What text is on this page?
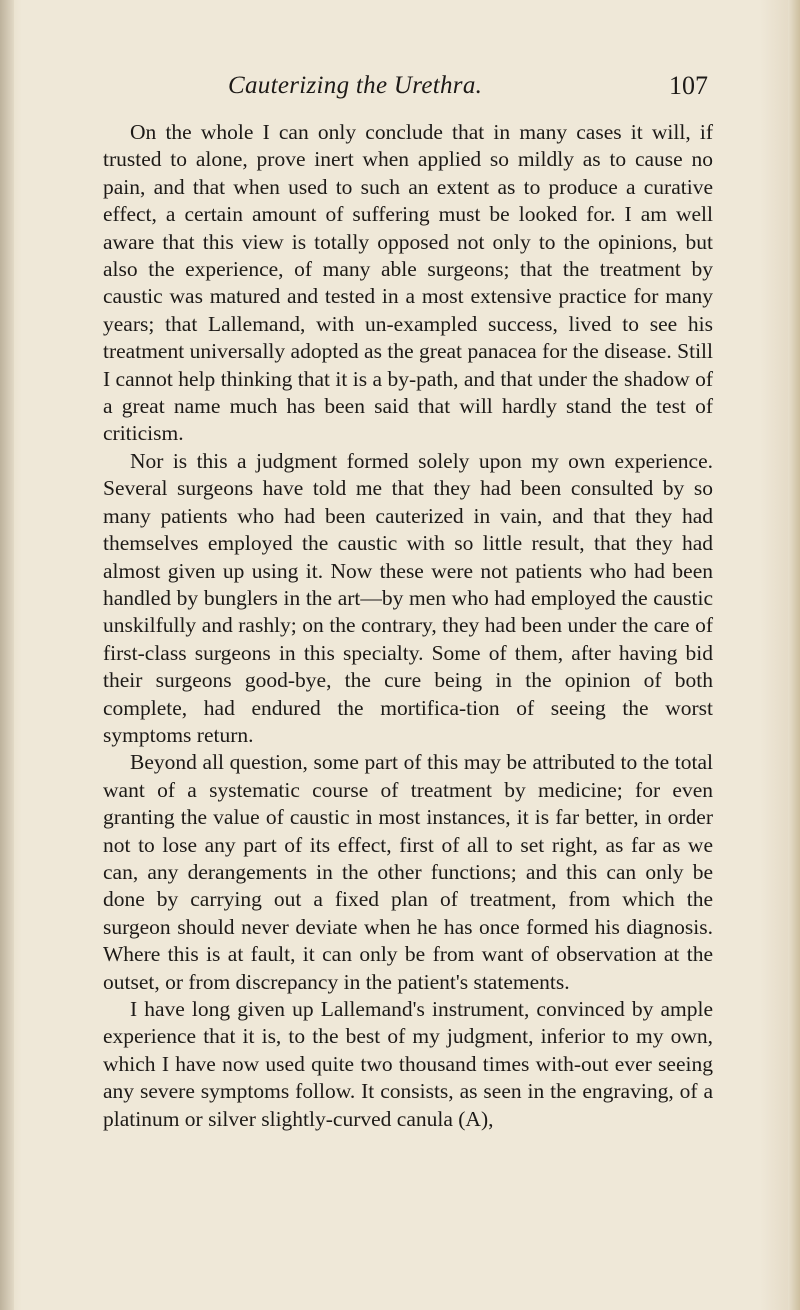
Cauterizing the Urethra.	107

On the whole I can only conclude that in many cases it will, if trusted to alone, prove inert when applied so mildly as to cause no pain, and that when used to such an extent as to produce a curative effect, a certain amount of suffering must be looked for. I am well aware that this view is totally opposed not only to the opinions, but also the experience, of many able surgeons; that the treatment by caustic was matured and tested in a most extensive practice for many years; that Lallemand, with un-exampled success, lived to see his treatment universally adopted as the great panacea for the disease. Still I cannot help thinking that it is a by-path, and that under the shadow of a great name much has been said that will hardly stand the test of criticism.

Nor is this a judgment formed solely upon my own experience. Several surgeons have told me that they had been consulted by so many patients who had been cauterized in vain, and that they had themselves employed the caustic with so little result, that they had almost given up using it. Now these were not patients who had been handled by bunglers in the art—by men who had employed the caustic unskilfully and rashly; on the contrary, they had been under the care of first-class surgeons in this specialty. Some of them, after having bid their surgeons good-bye, the cure being in the opinion of both complete, had endured the mortifica-tion of seeing the worst symptoms return.

Beyond all question, some part of this may be attributed to the total want of a systematic course of treatment by medicine; for even granting the value of caustic in most instances, it is far better, in order not to lose any part of its effect, first of all to set right, as far as we can, any derangements in the other functions; and this can only be done by carrying out a fixed plan of treatment, from which the surgeon should never deviate when he has once formed his diagnosis. Where this is at fault, it can only be from want of observation at the outset, or from discrepancy in the patient's statements.

I have long given up Lallemand's instrument, convinced by ample experience that it is, to the best of my judgment, inferior to my own, which I have now used quite two thousand times with-out ever seeing any severe symptoms follow. It consists, as seen in the engraving, of a platinum or silver slightly-curved canula (A),
